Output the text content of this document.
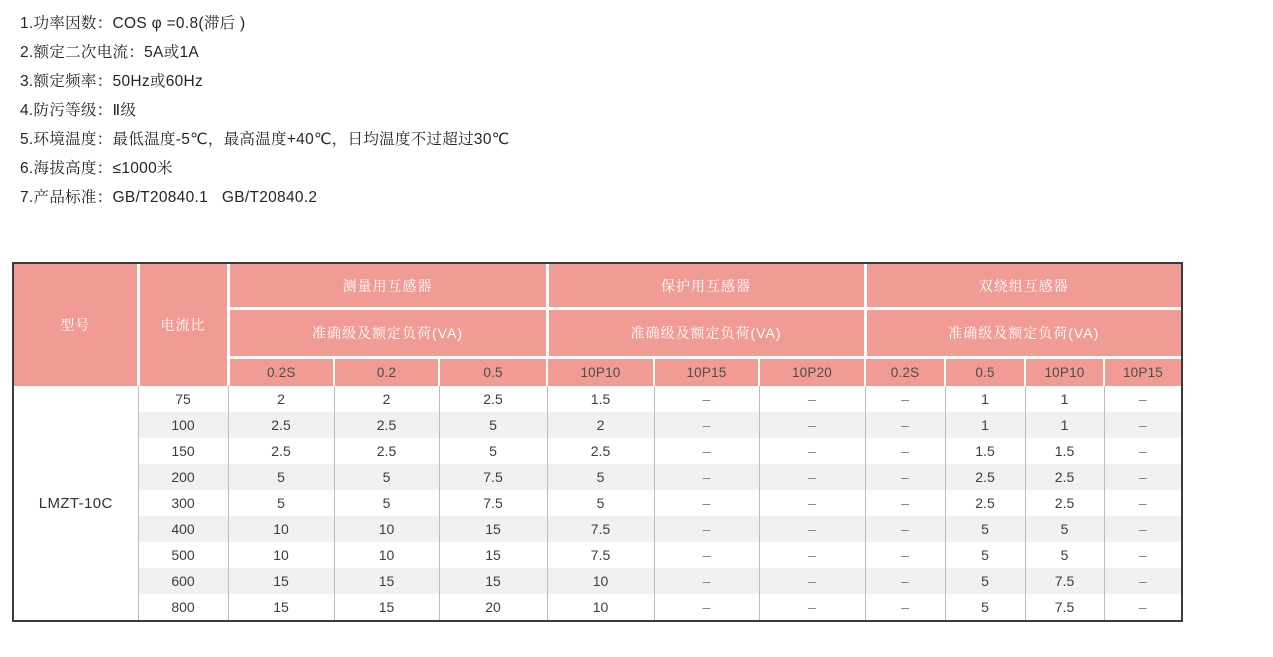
1.功率因数：COS φ =0.8(滞后 )
2.额定二次电流：5A或1A
3.额定频率：50Hz或60Hz
4.防污等级：Ⅱ级
5.环境温度：最低温度-5℃，最高温度+40℃，日均温度不过超过30℃
6.海拔高度：≤1000米
7.产品标准：GB/T20840.1   GB/T20840.2
型号	电流比	测量用互感器			保护用互感器			双绕组互感器			
		准确级及额定负荷(VA)			准确级及额定负荷(VA)			准确级及额定负荷(VA)			
		0.2S	0.2	0.5	10P10	10P15	10P20	0.2S	0.5	10P10	10P15
LMZT-10C	75	2	2	2.5	1.5	–	–	–	1	1	–
	100	2.5	2.5	5	2	–	–	–	1	1	–
	150	2.5	2.5	5	2.5	–	–	–	1.5	1.5	–
	200	5	5	7.5	5	–	–	–	2.5	2.5	–
	300	5	5	7.5	5	–	–	–	2.5	2.5	–
	400	10	10	15	7.5	–	–	–	5	5	–
	500	10	10	15	7.5	–	–	–	5	5	–
	600	15	15	15	10	–	–	–	5	7.5	–
	800	15	15	20	10	–	–	–	5	7.5	–
